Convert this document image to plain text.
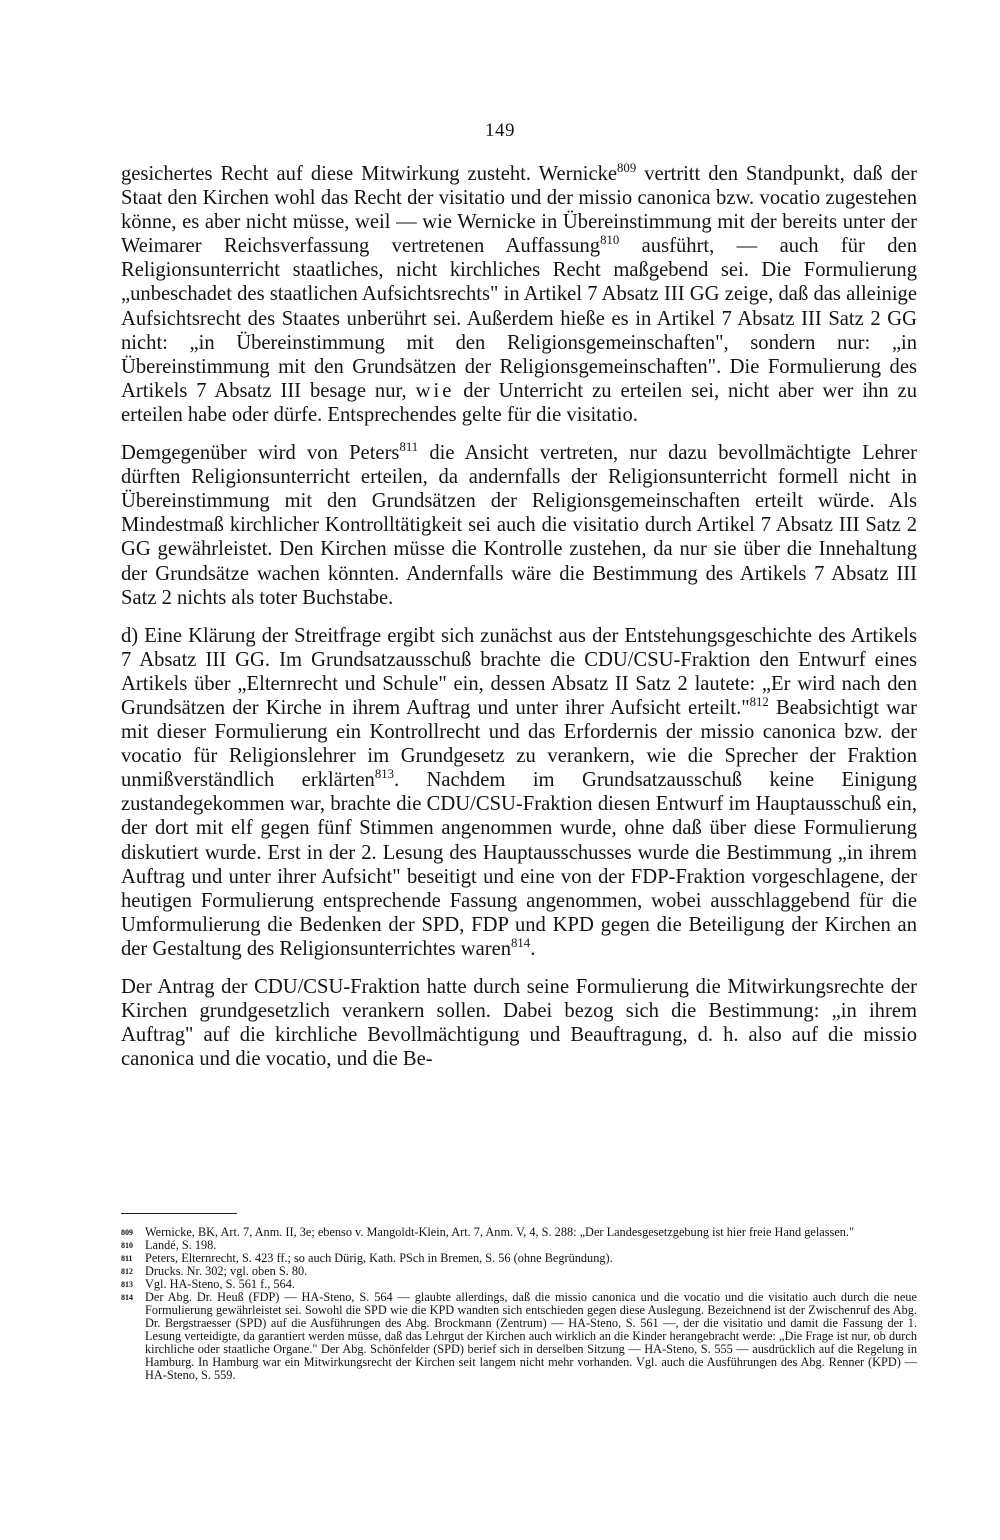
149

gesichertes Recht auf diese Mitwirkung zusteht. Wernicke$^{809}$ vertritt den Standpunkt, daß der Staat den Kirchen wohl das Recht der visitatio und der missio canonica bzw. vocatio zugestehen könne, es aber nicht müsse, weil — wie Wernicke in Übereinstimmung mit der bereits unter der Weimarer Reichsverfassung vertretenen Auffassung$^{810}$ ausführt, — auch für den Religionsunterricht staatliches, nicht kirchliches Recht maßgebend sei. Die Formulierung „unbeschadet des staatlichen Aufsichtsrechts" in Artikel 7 Absatz III GG zeige, daß das alleinige Aufsichtsrecht des Staates unberührt sei. Außerdem hieße es in Artikel 7 Absatz III Satz 2 GG nicht: „in Übereinstimmung mit den Religionsgemeinschaften", sondern nur: „in Übereinstimmung mit den Grundsätzen der Religionsgemeinschaften". Die Formulierung des Artikels 7 Absatz III besage nur, wie der Unterricht zu erteilen sei, nicht aber wer ihn zu erteilen habe oder dürfe. Entsprechendes gelte für die visitatio.

Demgegenüber wird von Peters$^{811}$ die Ansicht vertreten, nur dazu bevollmächtigte Lehrer dürften Religionsunterricht erteilen, da andernfalls der Religionsunterricht formell nicht in Übereinstimmung mit den Grundsätzen der Religionsgemeinschaften erteilt würde. Als Mindestmaß kirchlicher Kontrolltätigkeit sei auch die visitatio durch Artikel 7 Absatz III Satz 2 GG gewährleistet. Den Kirchen müsse die Kontrolle zustehen, da nur sie über die Innehaltung der Grundsätze wachen könnten. Andernfalls wäre die Bestimmung des Artikels 7 Absatz III Satz 2 nichts als toter Buchstabe.

d) Eine Klärung der Streitfrage ergibt sich zunächst aus der Entstehungsgeschichte des Artikels 7 Absatz III GG. Im Grundsatzausschuß brachte die CDU/CSU-Fraktion den Entwurf eines Artikels über „Elternrecht und Schule" ein, dessen Absatz II Satz 2 lautete: „Er wird nach den Grundsätzen der Kirche in ihrem Auftrag und unter ihrer Aufsicht erteilt."$^{812}$ Beabsichtigt war mit dieser Formulierung ein Kontrollrecht und das Erfordernis der missio canonica bzw. der vocatio für Religionslehrer im Grundgesetz zu verankern, wie die Sprecher der Fraktion unmißverständlich erklärten$^{813}$. Nachdem im Grundsatzausschuß keine Einigung zustandegekommen war, brachte die CDU/CSU-Fraktion diesen Entwurf im Hauptausschuß ein, der dort mit elf gegen fünf Stimmen angenommen wurde, ohne daß über diese Formulierung diskutiert wurde. Erst in der 2. Lesung des Hauptausschusses wurde die Bestimmung „in ihrem Auftrag und unter ihrer Aufsicht" beseitigt und eine von der FDP-Fraktion vorgeschlagene, der heutigen Formulierung entsprechende Fassung angenommen, wobei ausschlaggebend für die Umformulierung die Bedenken der SPD, FDP und KPD gegen die Beteiligung der Kirchen an der Gestaltung des Religionsunterrichtes waren$^{814}$.

Der Antrag der CDU/CSU-Fraktion hatte durch seine Formulierung die Mitwirkungsrechte der Kirchen grundgesetzlich verankern sollen. Dabei bezog sich die Bestimmung: „in ihrem Auftrag" auf die kirchliche Bevollmächtigung und Beauftragung, d. h. also auf die missio canonica und die vocatio, und die Be-

809 Wernicke, BK, Art. 7, Anm. II, 3e; ebenso v. Mangoldt-Klein, Art. 7, Anm. V, 4, S. 288: „Der Landesgesetzgebung ist hier freie Hand gelassen."
810 Landé, S. 198.
811	Peters, Elternrecht, S. 423 ff.; so auch Dürig, Kath. PSch in Bremen, S. 56 (ohne Begründung).
812 Drucks. Nr. 302; vgl. oben S. 80.
813 Vgl. HA-Steno, S. 561 f., 564.
814 Der Abg. Dr. Heuß (FDP) — HA-Steno, S. 564 — glaubte allerdings, daß die missio canonica und die vocatio und die visitatio auch durch die neue Formulierung gewährleistet sei. Sowohl die SPD wie die KPD wandten sich entschieden gegen diese Auslegung. Bezeichnend ist der Zwischenruf des Abg. Dr. Bergstraesser (SPD) auf die Ausführungen des Abg. Brockmann (Zentrum) — HA-Steno, S. 561 —, der die visitatio und damit die Fassung der 1. Lesung verteidigte, da garantiert werden müsse, daß das Lehrgut der Kirchen auch wirklich an die Kinder herangebracht werde: „Die Frage ist nur, ob durch kirchliche oder staatliche Organe." Der Abg. Schönfelder (SPD) berief sich in derselben Sitzung — HA-Steno, S. 555 — ausdrücklich auf die Regelung in Hamburg. In Hamburg war ein Mitwirkungsrecht der Kirchen seit langem nicht mehr vorhanden. Vgl. auch die Ausführungen des Abg. Renner (KPD) — HA-Steno, S. 559.
